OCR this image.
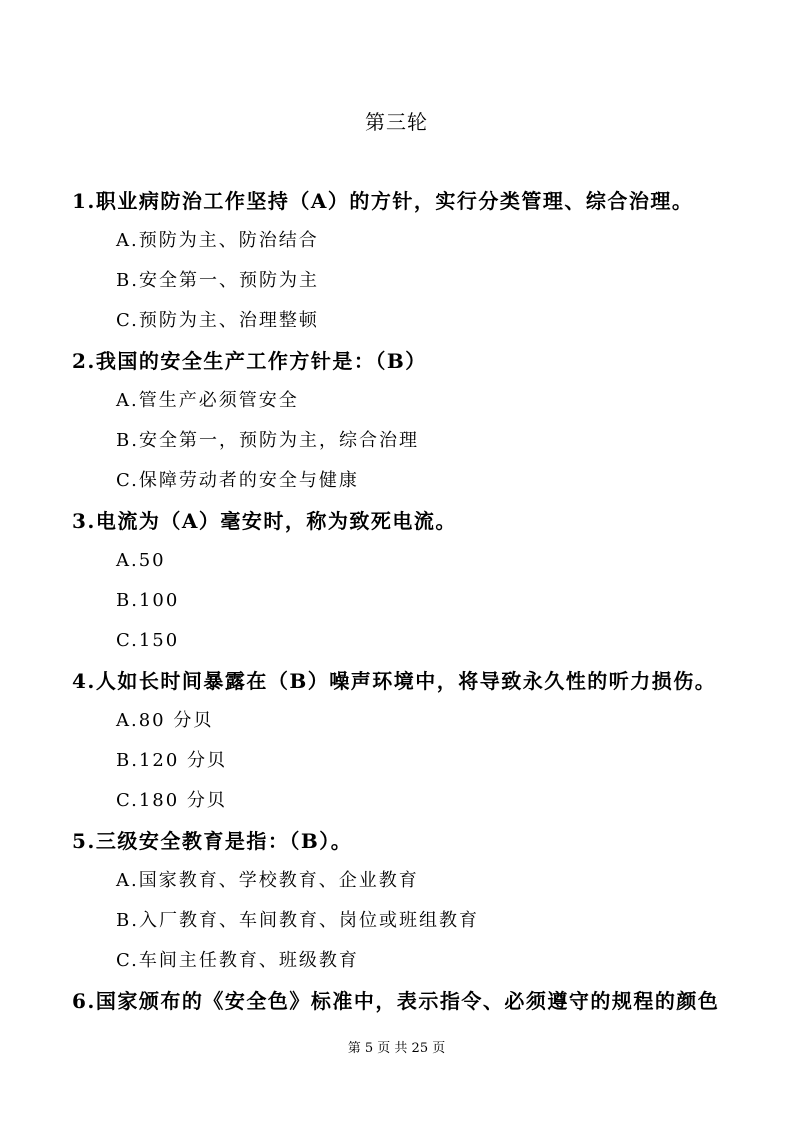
第三轮
1.职业病防治工作坚持（A）的方针，实行分类管理、综合治理。
A.预防为主、防治结合
B.安全第一、预防为主
C.预防为主、治理整顿
2.我国的安全生产工作方针是：（B）
A.管生产必须管安全
B.安全第一，预防为主，综合治理
C.保障劳动者的安全与健康
3.电流为（A）毫安时，称为致死电流。
A.50
B.100
C.150
4.人如长时间暴露在（B）噪声环境中，将导致永久性的听力损伤。
A.80 分贝
B.120 分贝
C.180 分贝
5.三级安全教育是指：（B）。
A.国家教育、学校教育、企业教育
B.入厂教育、车间教育、岗位或班组教育
C.车间主任教育、班级教育
6.国家颁布的《安全色》标准中，表示指令、必须遵守的规程的颜色
第 5 页 共 25 页
